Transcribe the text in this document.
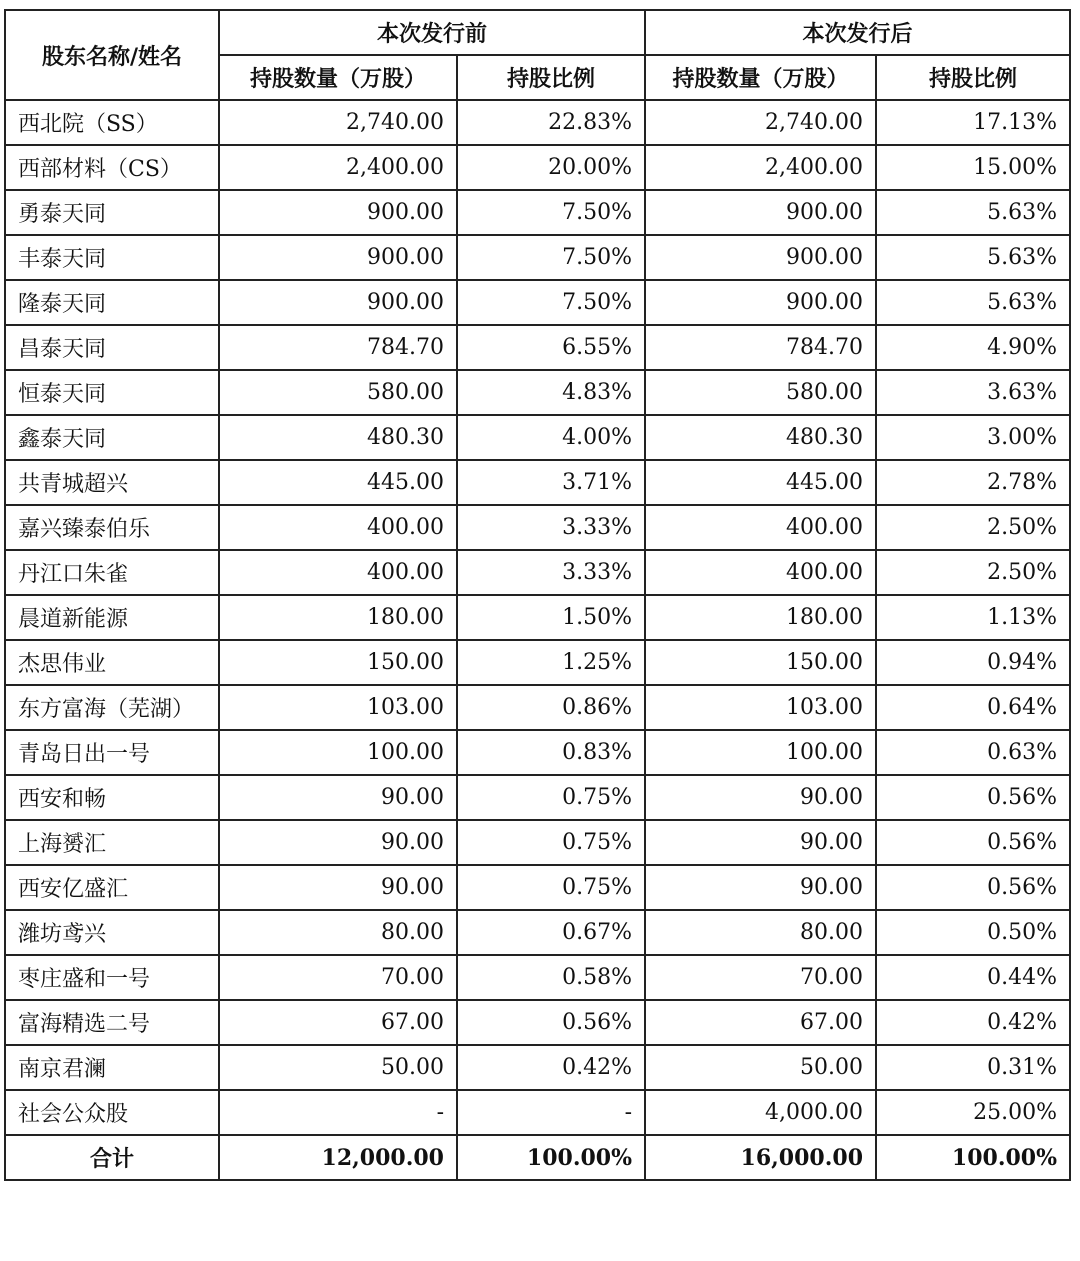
股东名称/姓名	本次发行前		本次发行后	
	持股数量（万股）	持股比例	持股数量（万股）	持股比例
西北院（SS）	2,740.00	22.83%	2,740.00	17.13%
西部材料（CS）	2,400.00	20.00%	2,400.00	15.00%
勇泰天同	900.00	7.50%	900.00	5.63%
丰泰天同	900.00	7.50%	900.00	5.63%
隆泰天同	900.00	7.50%	900.00	5.63%
昌泰天同	784.70	6.55%	784.70	4.90%
恒泰天同	580.00	4.83%	580.00	3.63%
鑫泰天同	480.30	4.00%	480.30	3.00%
共青城超兴	445.00	3.71%	445.00	2.78%
嘉兴臻泰伯乐	400.00	3.33%	400.00	2.50%
丹江口朱雀	400.00	3.33%	400.00	2.50%
晨道新能源	180.00	1.50%	180.00	1.13%
杰思伟业	150.00	1.25%	150.00	0.94%
东方富海（芜湖）	103.00	0.86%	103.00	0.64%
青岛日出一号	100.00	0.83%	100.00	0.63%
西安和畅	90.00	0.75%	90.00	0.56%
上海赟汇	90.00	0.75%	90.00	0.56%
西安亿盛汇	90.00	0.75%	90.00	0.56%
潍坊鸢兴	80.00	0.67%	80.00	0.50%
枣庄盛和一号	70.00	0.58%	70.00	0.44%
富海精选二号	67.00	0.56%	67.00	0.42%
南京君澜	50.00	0.42%	50.00	0.31%
社会公众股	-	-	4,000.00	25.00%
合计	12,000.00	100.00%	16,000.00	100.00%
